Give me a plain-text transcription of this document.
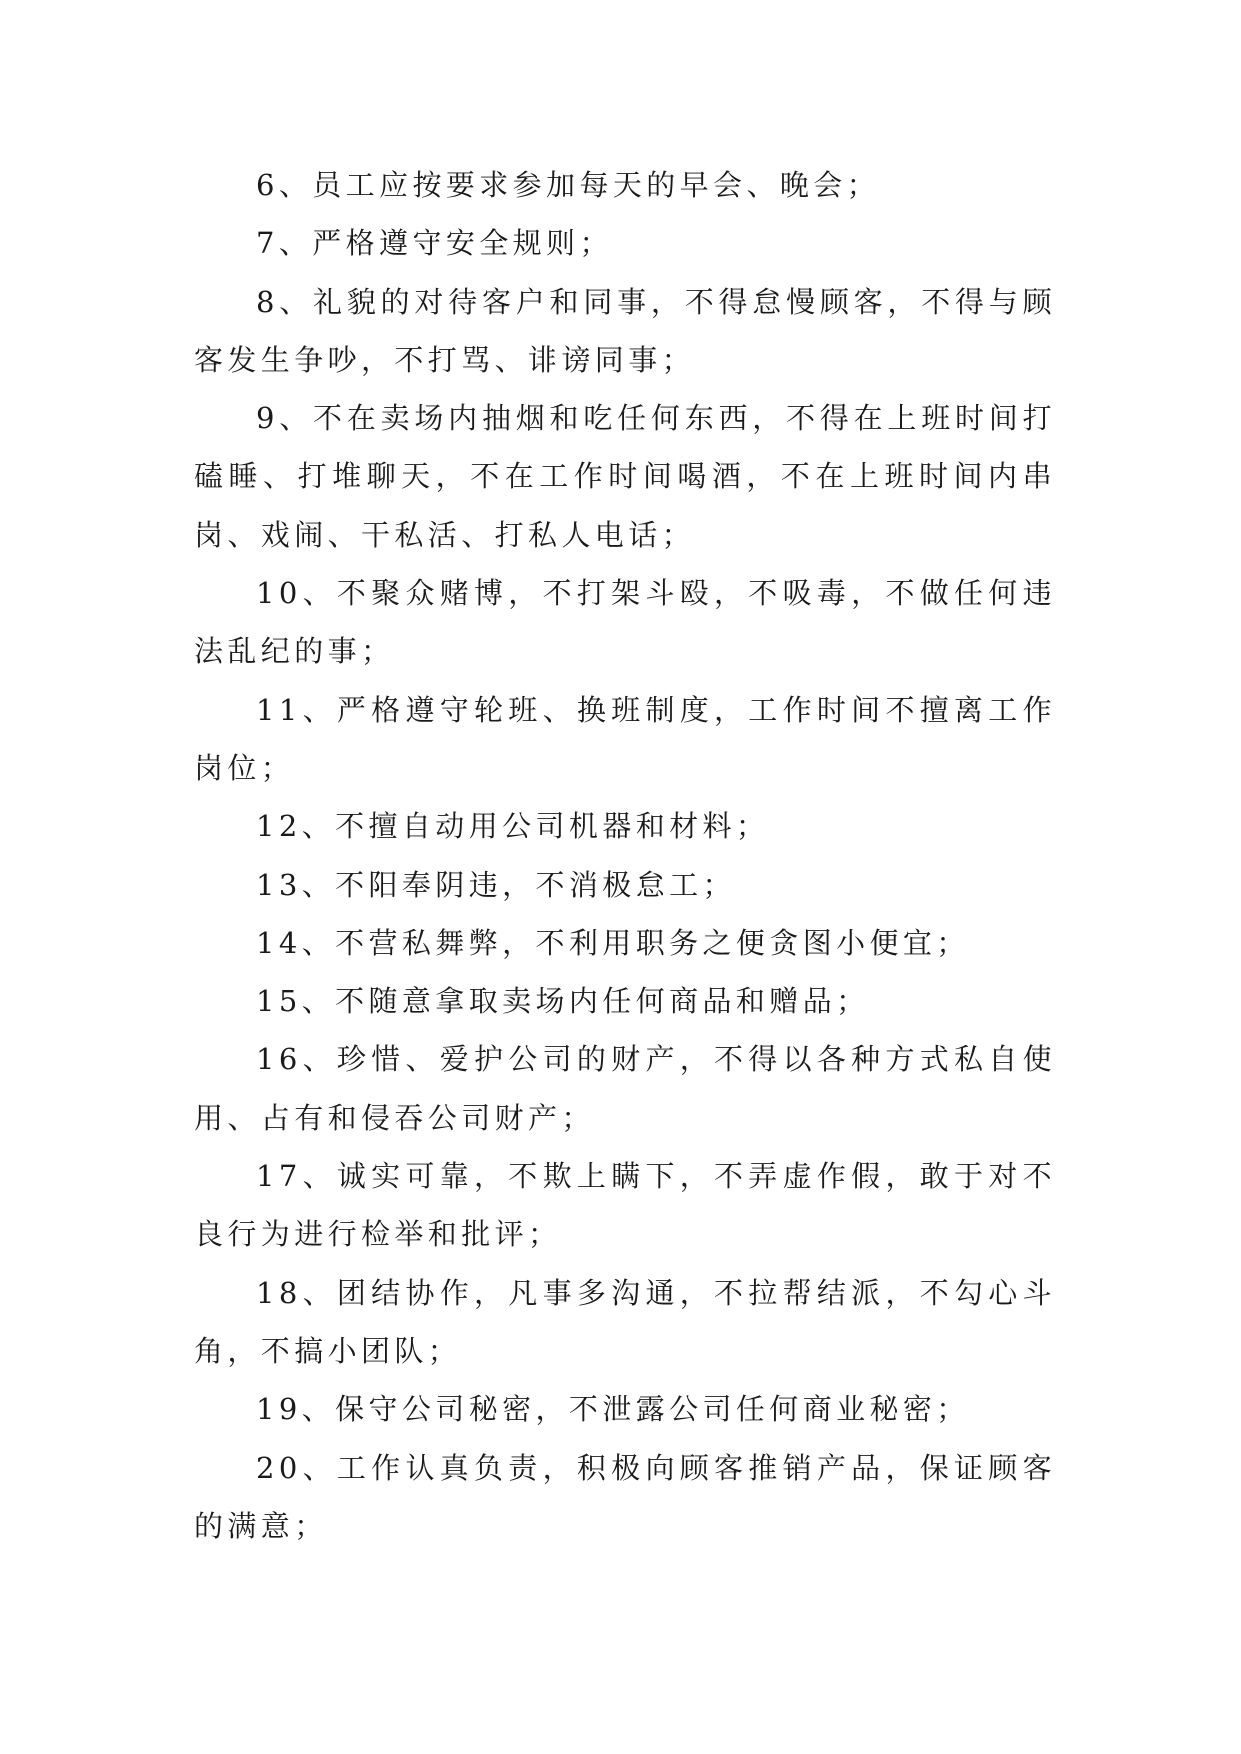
6、员工应按要求参加每天的早会、晚会；

7、严格遵守安全规则；

8、礼貌的对待客户和同事，不得怠慢顾客，不得与顾客发生争吵，不打骂、诽谤同事；

9、不在卖场内抽烟和吃任何东西，不得在上班时间打磕睡、打堆聊天，不在工作时间喝酒，不在上班时间内串岗、戏闹、干私活、打私人电话；

10、不聚众赌博，不打架斗殴，不吸毒，不做任何违法乱纪的事；

11、严格遵守轮班、换班制度，工作时间不擅离工作岗位；

12、不擅自动用公司机器和材料；

13、不阳奉阴违，不消极怠工；

14、不营私舞弊，不利用职务之便贪图小便宜；

15、不随意拿取卖场内任何商品和赠品；

16、珍惜、爱护公司的财产，不得以各种方式私自使用、占有和侵吞公司财产；

17、诚实可靠，不欺上瞒下，不弄虚作假，敢于对不良行为进行检举和批评；

18、团结协作，凡事多沟通，不拉帮结派，不勾心斗角，不搞小团队；

19、保守公司秘密，不泄露公司任何商业秘密；

20、工作认真负责，积极向顾客推销产品，保证顾客的满意；
